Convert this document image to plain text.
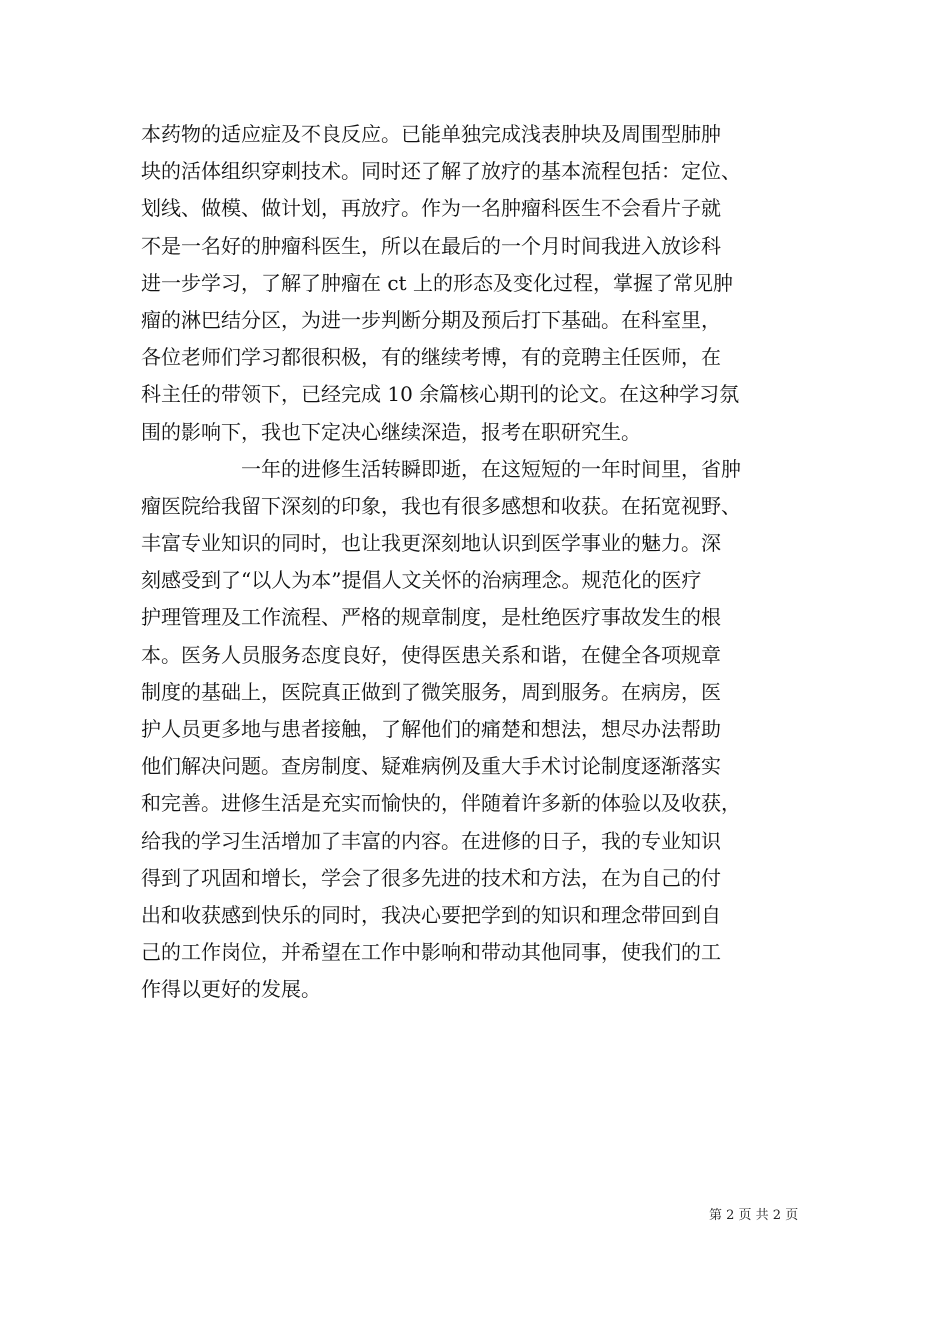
本药物的适应症及不良反应。已能单独完成浅表肿块及周围型肺肿
块的活体组织穿刺技术。同时还了解了放疗的基本流程包括：定位、
划线、做模、做计划，再放疗。作为一名肿瘤科医生不会看片子就
不是一名好的肿瘤科医生，所以在最后的一个月时间我进入放诊科
进一步学习，了解了肿瘤在 ct 上的形态及变化过程，掌握了常见肿
瘤的淋巴结分区，为进一步判断分期及预后打下基础。在科室里，
各位老师们学习都很积极，有的继续考博，有的竞聘主任医师，在
科主任的带领下，已经完成 10 余篇核心期刊的论文。在这种学习氛
围的影响下，我也下定决心继续深造，报考在职研究生。
一年的进修生活转瞬即逝，在这短短的一年时间里，省肿
瘤医院给我留下深刻的印象，我也有很多感想和收获。在拓宽视野、
丰富专业知识的同时，也让我更深刻地认识到医学事业的魅力。深
刻感受到了“以人为本”提倡人文关怀的治病理念。规范化的医疗
护理管理及工作流程、严格的规章制度，是杜绝医疗事故发生的根
本。医务人员服务态度良好，使得医患关系和谐，在健全各项规章
制度的基础上，医院真正做到了微笑服务，周到服务。在病房，医
护人员更多地与患者接触，了解他们的痛楚和想法，想尽办法帮助
他们解决问题。查房制度、疑难病例及重大手术讨论制度逐渐落实
和完善。进修生活是充实而愉快的，伴随着许多新的体验以及收获，
给我的学习生活增加了丰富的内容。在进修的日子，我的专业知识
得到了巩固和增长，学会了很多先进的技术和方法，在为自己的付
出和收获感到快乐的同时，我决心要把学到的知识和理念带回到自
己的工作岗位，并希望在工作中影响和带动其他同事，使我们的工
作得以更好的发展。
第 2 页 共 2 页
